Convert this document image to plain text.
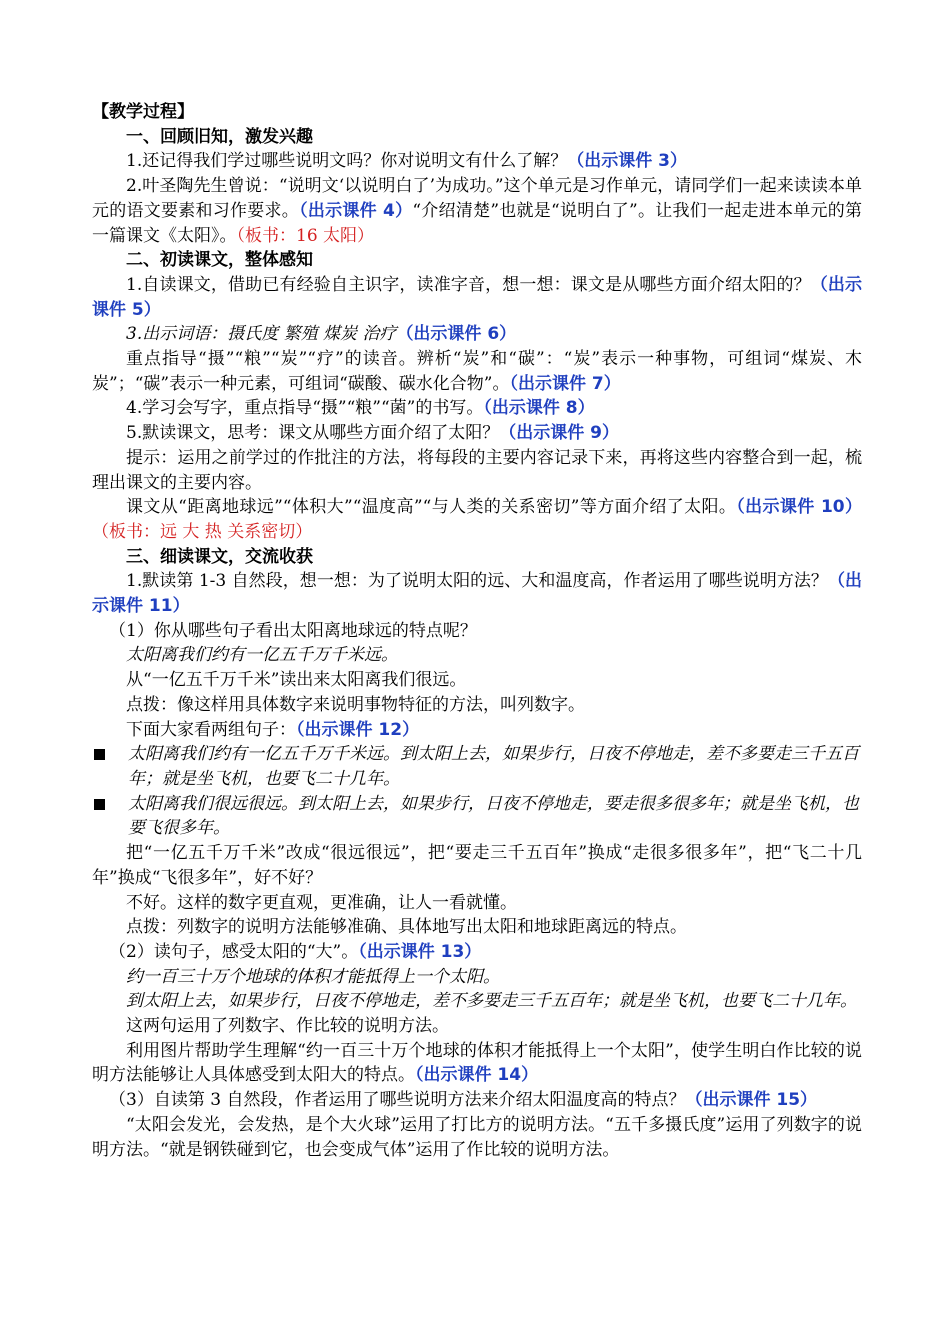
【教学过程】

一、回顾旧知，激发兴趣

1.还记得我们学过哪些说明文吗？你对说明文有什么了解？（出示课件 3）

2.叶圣陶先生曾说：“说明文‘以说明白了’为成功。”这个单元是习作单元，请同学们一起来读读本单元的语文要素和习作要求。（出示课件 4）“介绍清楚”也就是“说明白了”。让我们一起走进本单元的第一篇课文《太阳》。（板书：16 太阳）

二、初读课文，整体感知

1.自读课文，借助已有经验自主识字，读准字音，想一想：课文是从哪些方面介绍太阳的？（出示课件 5）

3.出示词语：摄氏度 繁殖 煤炭 治疗（出示课件 6）

重点指导“摄”“粮”“炭”“疗”的读音。辨析“炭”和“碳”：“炭”表示一种事物，可组词“煤炭、木炭”；“碳”表示一种元素，可组词“碳酸、碳水化合物”。（出示课件 7）

4.学习会写字，重点指导“摄”“粮”“菌”的书写。（出示课件 8）

5.默读课文，思考：课文从哪些方面介绍了太阳？（出示课件 9）

提示：运用之前学过的作批注的方法，将每段的主要内容记录下来，再将这些内容整合到一起，梳理出课文的主要内容。

课文从“距离地球远”“体积大”“温度高”“与人类的关系密切”等方面介绍了太阳。（出示课件 10）（板书：远 大 热 关系密切）

三、细读课文，交流收获

1.默读第 1-3 自然段，想一想：为了说明太阳的远、大和温度高，作者运用了哪些说明方法？（出示课件 11）

（1）你从哪些句子看出太阳离地球远的特点呢？

太阳离我们约有一亿五千万千米远。

从“一亿五千万千米”读出来太阳离我们很远。

点拨：像这样用具体数字来说明事物特征的方法，叫列数字。

下面大家看两组句子：（出示课件 12）

太阳离我们约有一亿五千万千米远。到太阳上去，如果步行，日夜不停地走，差不多要走三千五百年；就是坐飞机，也要飞二十几年。
太阳离我们很远很远。到太阳上去，如果步行，日夜不停地走，要走很多很多年；就是坐飞机，也要飞很多年。

把“一亿五千万千米”改成“很远很远”，把“要走三千五百年”换成“走很多很多年”，把“飞二十几年”换成“飞很多年”，好不好？

不好。这样的数字更直观，更准确，让人一看就懂。

点拨：列数字的说明方法能够准确、具体地写出太阳和地球距离远的特点。

（2）读句子，感受太阳的“大”。（出示课件 13）

约一百三十万个地球的体积才能抵得上一个太阳。

到太阳上去，如果步行，日夜不停地走，差不多要走三千五百年；就是坐飞机，也要飞二十几年。

这两句运用了列数字、作比较的说明方法。

利用图片帮助学生理解“约一百三十万个地球的体积才能抵得上一个太阳”，使学生明白作比较的说明方法能够让人具体感受到太阳大的特点。（出示课件 14）

（3）自读第 3 自然段，作者运用了哪些说明方法来介绍太阳温度高的特点？（出示课件 15）

“太阳会发光，会发热，是个大火球”运用了打比方的说明方法。“五千多摄氏度”运用了列数字的说明方法。“就是钢铁碰到它，也会变成气体”运用了作比较的说明方法。
